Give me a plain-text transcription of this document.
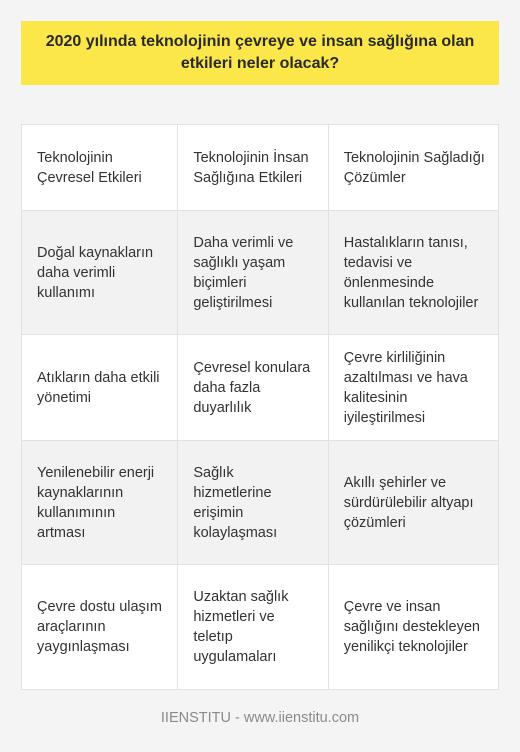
2020 yılında teknolojinin çevreye ve insan sağlığına olan etkileri neler olacak?
Teknolojinin Çevresel Etkileri
Teknolojinin İnsan Sağlığına Etkileri
Teknolojinin Sağladığı Çözümler
Doğal kaynakların daha verimli kullanımı
Daha verimli ve sağlıklı yaşam biçimleri geliştirilmesi
Hastalıkların tanısı, tedavisi ve önlenmesinde kullanılan teknolojiler
Atıkların daha etkili yönetimi
Çevresel konulara daha fazla duyarlılık
Çevre kirliliğinin azaltılması ve hava kalitesinin iyileştirilmesi
Yenilenebilir enerji kaynaklarının kullanımının artması
Sağlık hizmetlerine erişimin kolaylaşması
Akıllı şehirler ve sürdürülebilir altyapı çözümleri
Çevre dostu ulaşım araçlarının yaygınlaşması
Uzaktan sağlık hizmetleri ve teletıp uygulamaları
Çevre ve insan sağlığını destekleyen yenilikçi teknolojiler
IIENSTITU - www.iienstitu.com
